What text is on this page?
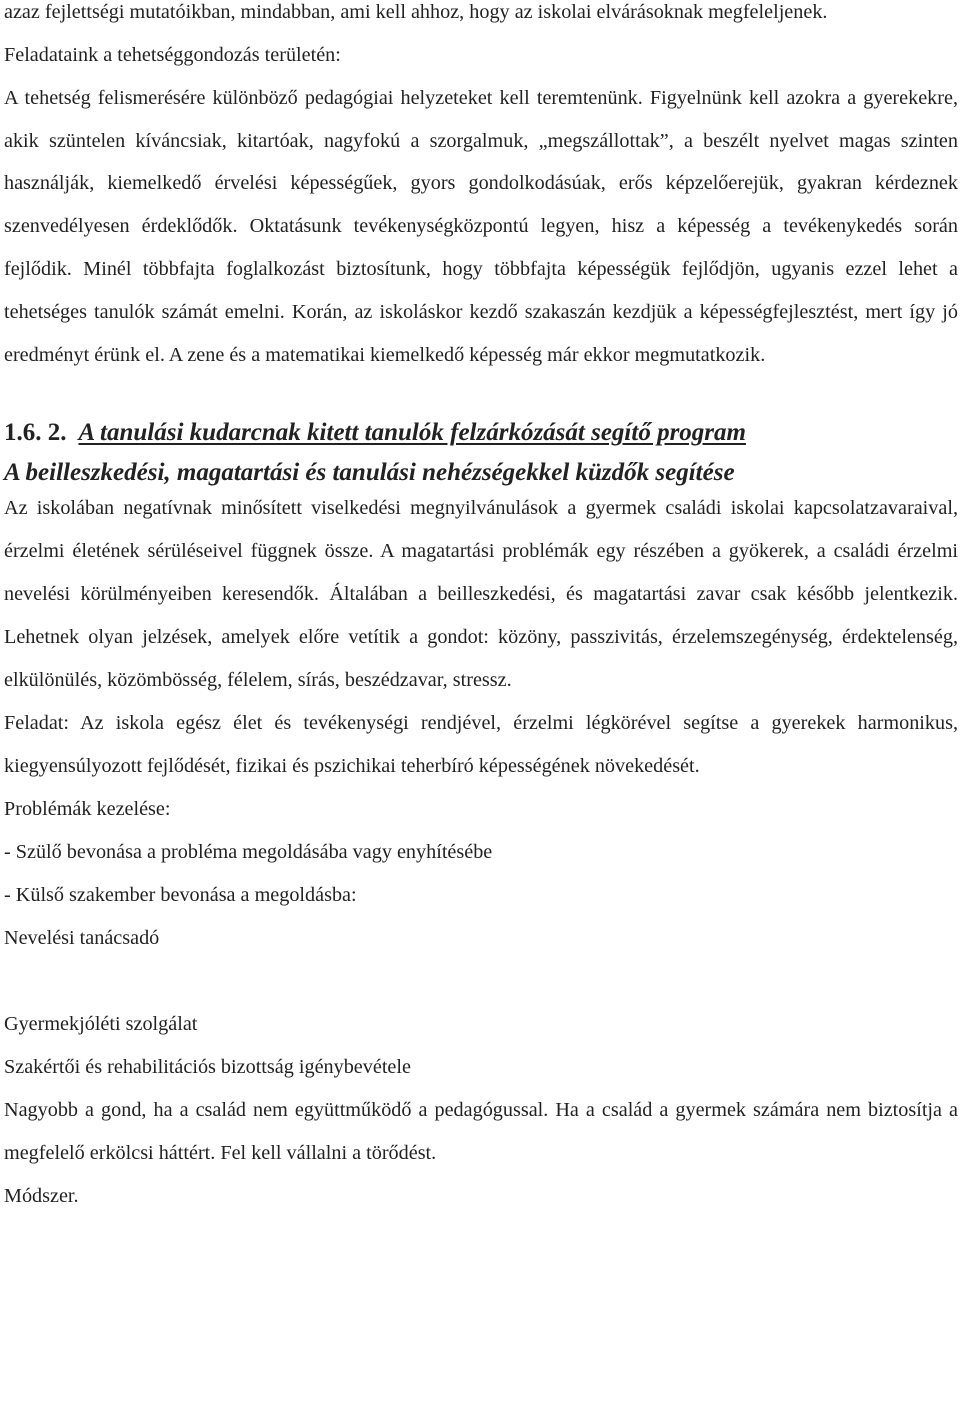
azaz fejlettségi mutatóikban, mindabban, ami kell ahhoz, hogy az iskolai elvárásoknak megfeleljenek.

Feladataink a tehetséggondozás területén:

A tehetség felismerésére különböző pedagógiai helyzeteket kell teremtenünk. Figyelnünk kell azokra a gyerekekre, akik szüntelen kíváncsiak, kitartóak, nagyfokú a szorgalmuk, „megszállottak”, a beszélt nyelvet magas szinten használják, kiemelkedő érvelési képességűek, gyors gondolkodásúak, erős képzelőerejük, gyakran kérdeznek szenvedélyesen érdeklődők. Oktatásunk tevékenységközpontú legyen, hisz a képesség a tevékenykedés során fejlődik. Minél többfajta foglalkozást biztosítunk, hogy többfajta képességük fejlődjön, ugyanis ezzel lehet a tehetséges tanulók számát emelni. Korán, az iskoláskor kezdő szakaszán kezdjük a képességfejlesztést, mert így jó eredményt érünk el. A zene és a matematikai kiemelkedő képesség már ekkor megmutatkozik.

1.6. 2. A tanulási kudarcnak kitett tanulók felzárkózását segítő program

A beilleszkedési, magatartási és tanulási nehézségekkel küzdők segítése

Az iskolában negatívnak minősített viselkedési megnyilvánulások a gyermek családi iskolai kapcsolatzavaraival, érzelmi életének sérüléseivel függnek össze. A magatartási problémák egy részében a gyökerek, a családi érzelmi nevelési körülményeiben keresendők. Általában a beilleszkedési, és magatartási zavar csak később jelentkezik. Lehetnek olyan jelzések, amelyek előre vetítik a gondot: közöny, passzivitás, érzelemszegénység, érdektelenség, elkülönülés, közömbösség, félelem, sírás, beszédzavar, stressz.

Feladat: Az iskola egész élet és tevékenységi rendjével, érzelmi légkörével segítse a gyerekek harmonikus, kiegyensúlyozott fejlődését, fizikai és pszichikai teherbíró képességének növekedését.

Problémák kezelése:

- Szülő bevonása a probléma megoldásába vagy enyhítésébe

- Külső szakember bevonása a megoldásba:

Nevelési tanácsadó

Gyermekjóléti szolgálat

Szakértői és rehabilitációs bizottság igénybevétele

Nagyobb a gond, ha a család nem együttműködő a pedagógussal. Ha a család a gyermek számára nem biztosítja a megfelelő erkölcsi háttért. Fel kell vállalni a törődést.

Módszer.
